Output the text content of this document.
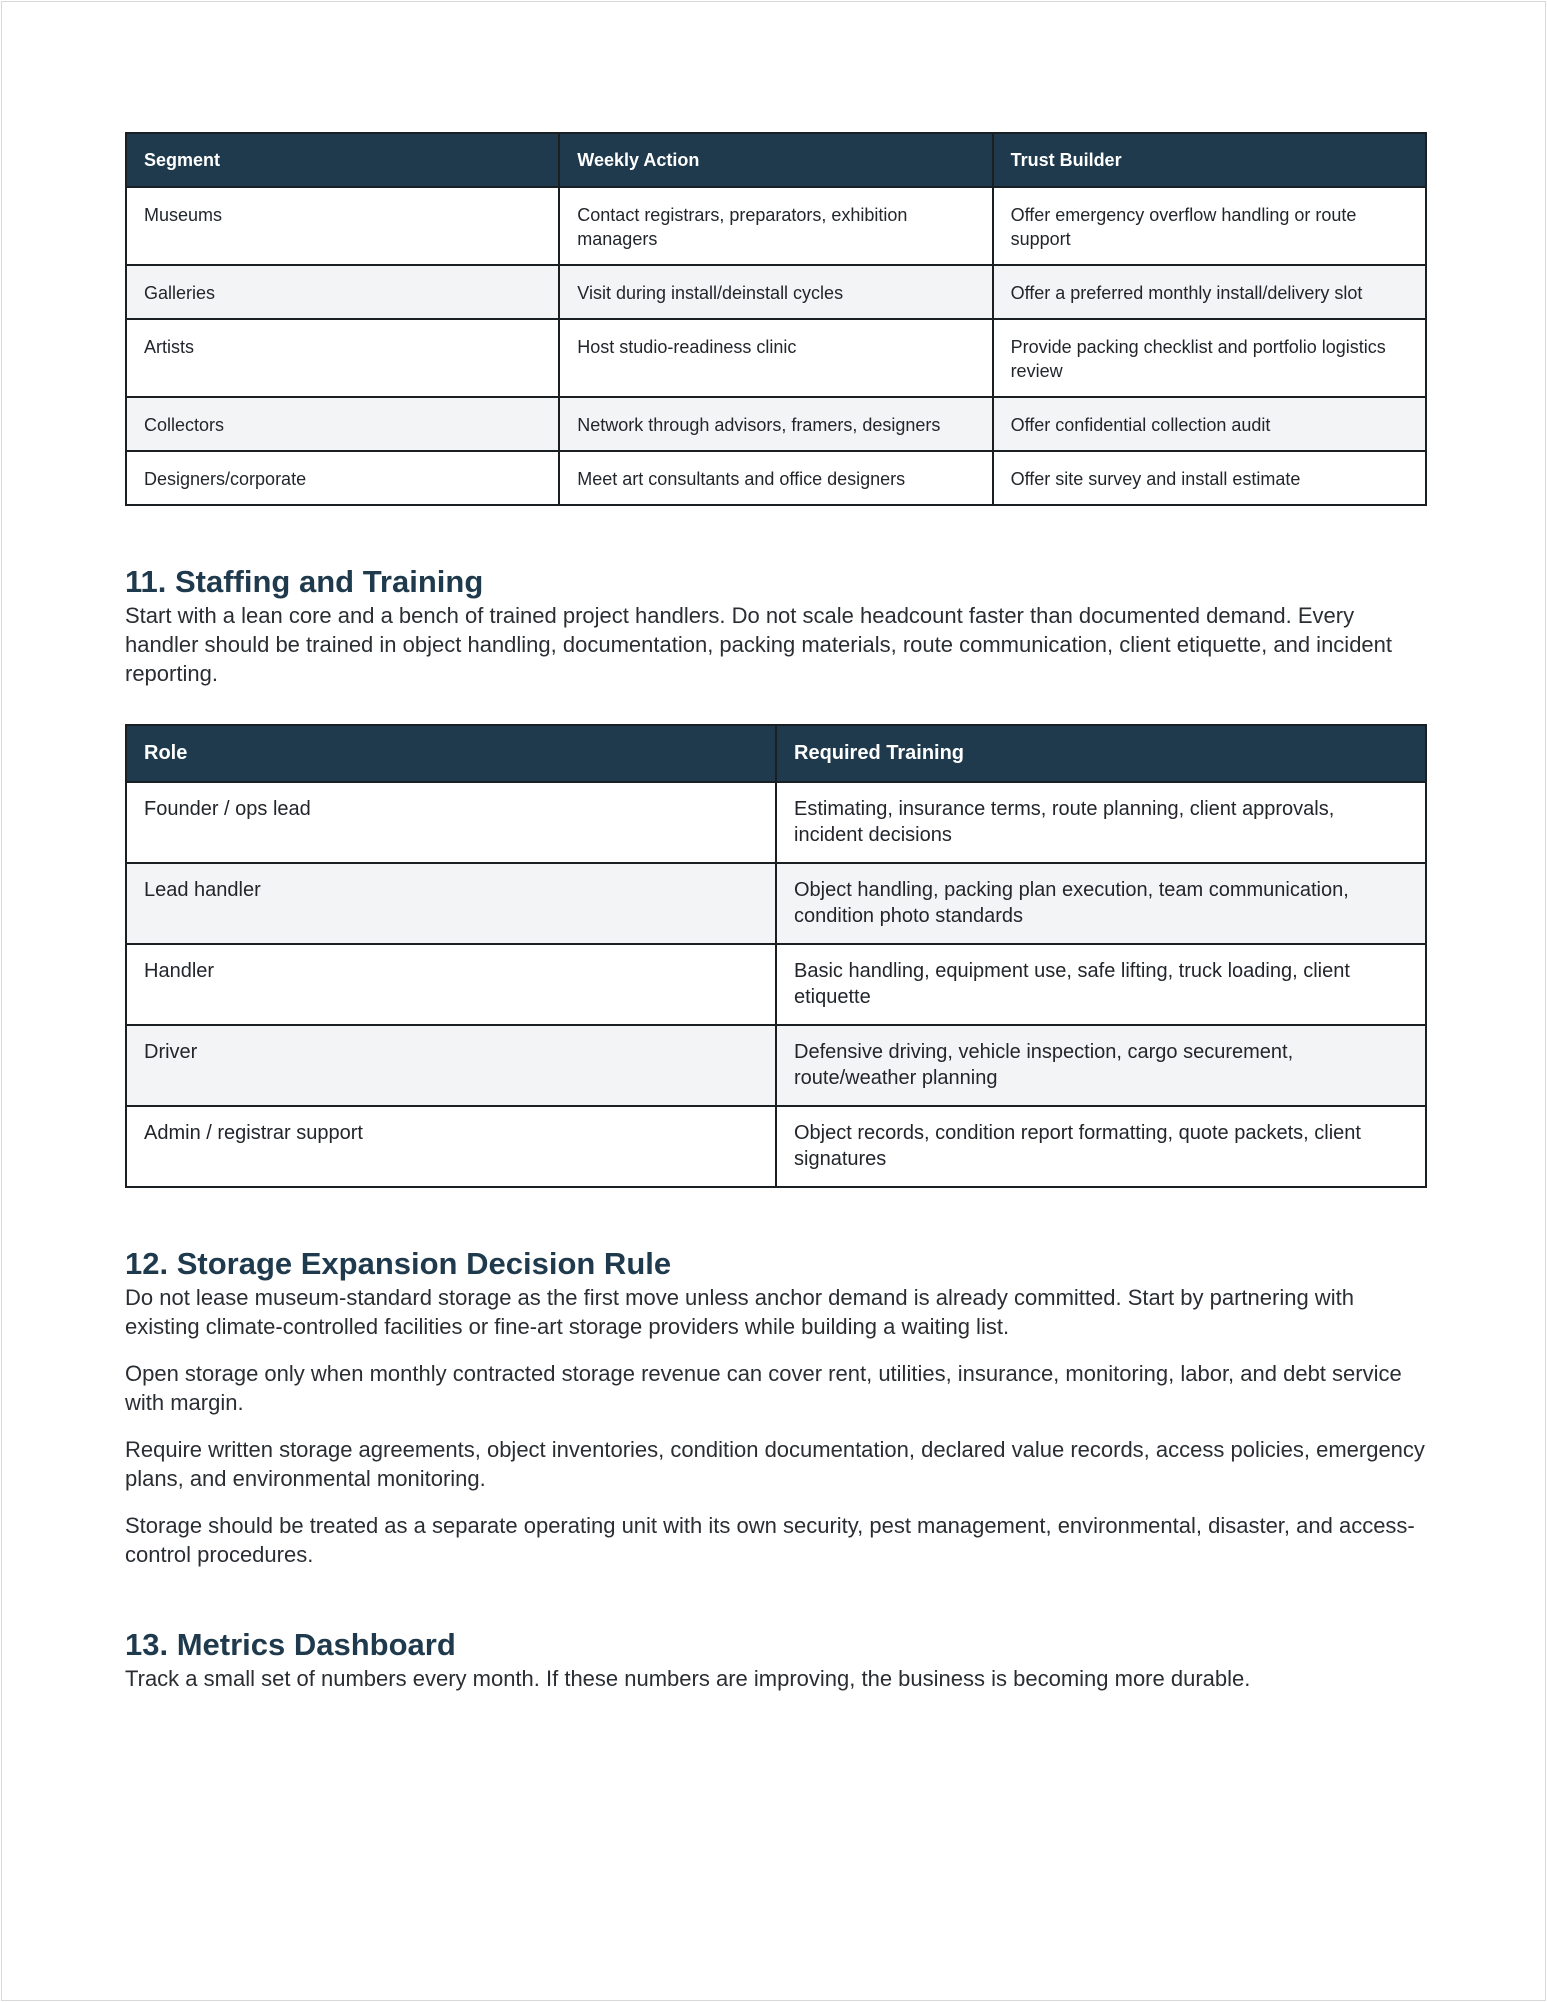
Segment	Weekly Action	Trust Builder
Museums	Contact registrars, preparators, exhibition managers	Offer emergency overflow handling or route support
Galleries	Visit during install/deinstall cycles	Offer a preferred monthly install/delivery slot
Artists	Host studio-readiness clinic	Provide packing checklist and portfolio logistics review
Collectors	Network through advisors, framers, designers	Offer confidential collection audit
Designers/corporate	Meet art consultants and office designers	Offer site survey and install estimate
11. Staffing and Training

Start with a lean core and a bench of trained project handlers. Do not scale headcount faster than documented demand. Every handler should be trained in object handling, documentation, packing materials, route communication, client etiquette, and incident reporting.

Role	Required Training
Founder / ops lead	Estimating, insurance terms, route planning, client approvals, incident decisions
Lead handler	Object handling, packing plan execution, team communication, condition photo standards
Handler	Basic handling, equipment use, safe lifting, truck loading, client etiquette
Driver	Defensive driving, vehicle inspection, cargo securement, route/weather planning
Admin / registrar support	Object records, condition report formatting, quote packets, client signatures
12. Storage Expansion Decision Rule

Do not lease museum-standard storage as the first move unless anchor demand is already committed. Start by partnering with existing climate-controlled facilities or fine-art storage providers while building a waiting list.

Open storage only when monthly contracted storage revenue can cover rent, utilities, insurance, monitoring, labor, and debt service with margin.

Require written storage agreements, object inventories, condition documentation, declared value records, access policies, emergency plans, and environmental monitoring.

Storage should be treated as a separate operating unit with its own security, pest management, environmental, disaster, and access-control procedures.

13. Metrics Dashboard

Track a small set of numbers every month. If these numbers are improving, the business is becoming more durable.
